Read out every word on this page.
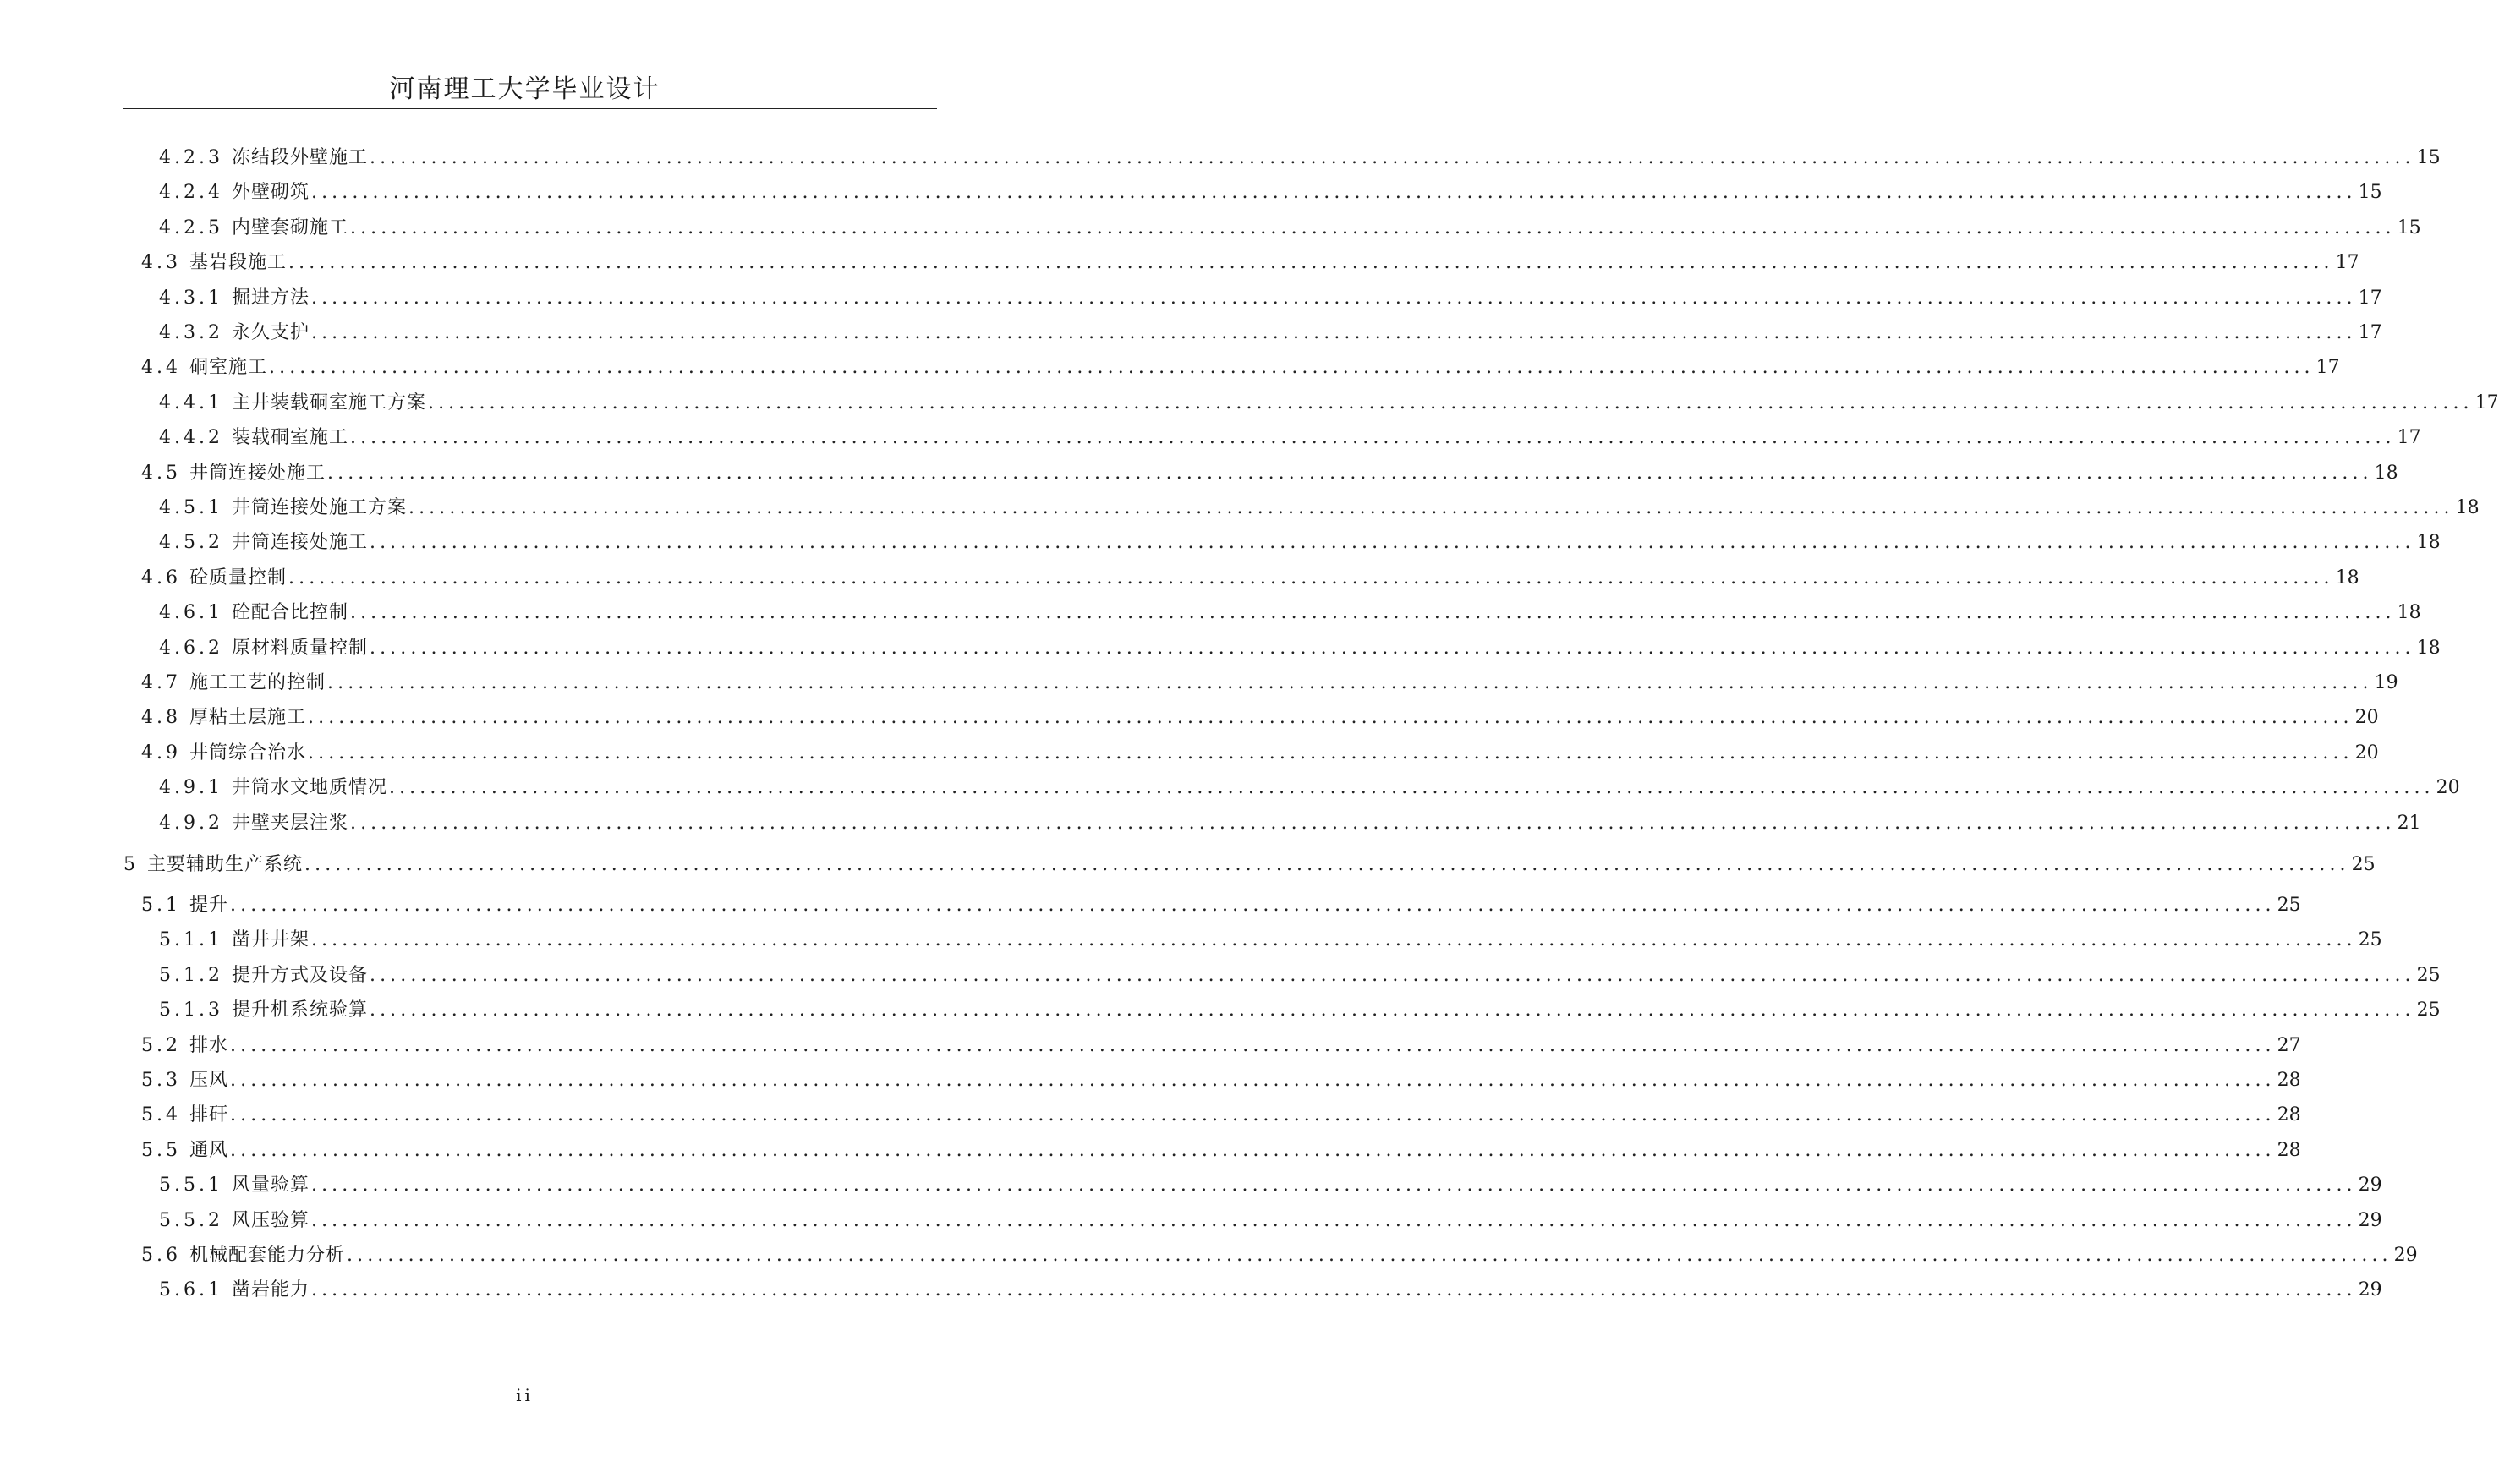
河南理工大学毕业设计
4.2.3 冻结段外壁施工 ........................................................................................................................................................................................................ 15
4.2.4 外壁砌筑 ........................................................................................................................................................................................................ 15
4.2.5 内壁套砌施工 ........................................................................................................................................................................................................ 15
4.3 基岩段施工 ........................................................................................................................................................................................................ 17
4.3.1 掘进方法 ........................................................................................................................................................................................................ 17
4.3.2 永久支护 ........................................................................................................................................................................................................ 17
4.4 硐室施工 ........................................................................................................................................................................................................ 17
4.4.1 主井装载硐室施工方案 ........................................................................................................................................................................................................ 17
4.4.2 装载硐室施工 ........................................................................................................................................................................................................ 17
4.5 井筒连接处施工 ........................................................................................................................................................................................................ 18
4.5.1 井筒连接处施工方案 ........................................................................................................................................................................................................ 18
4.5.2 井筒连接处施工 ........................................................................................................................................................................................................ 18
4.6 砼质量控制 ........................................................................................................................................................................................................ 18
4.6.1 砼配合比控制 ........................................................................................................................................................................................................ 18
4.6.2 原材料质量控制 ........................................................................................................................................................................................................ 18
4.7 施工工艺的控制 ........................................................................................................................................................................................................ 19
4.8 厚粘土层施工 ........................................................................................................................................................................................................ 20
4.9 井筒综合治水 ........................................................................................................................................................................................................ 20
4.9.1 井筒水文地质情况 ........................................................................................................................................................................................................ 20
4.9.2 井壁夹层注浆 ........................................................................................................................................................................................................ 21
5 主要辅助生产系统 ........................................................................................................................................................................................................ 25
5.1 提升 ........................................................................................................................................................................................................ 25
5.1.1 凿井井架 ........................................................................................................................................................................................................ 25
5.1.2 提升方式及设备 ........................................................................................................................................................................................................ 25
5.1.3 提升机系统验算 ........................................................................................................................................................................................................ 25
5.2 排水 ........................................................................................................................................................................................................ 27
5.3 压风 ........................................................................................................................................................................................................ 28
5.4 排矸 ........................................................................................................................................................................................................ 28
5.5 通风 ........................................................................................................................................................................................................ 28
5.5.1 风量验算 ........................................................................................................................................................................................................ 29
5.5.2 风压验算 ........................................................................................................................................................................................................ 29
5.6 机械配套能力分析 ........................................................................................................................................................................................................ 29
5.6.1 凿岩能力 ........................................................................................................................................................................................................ 29
ii
